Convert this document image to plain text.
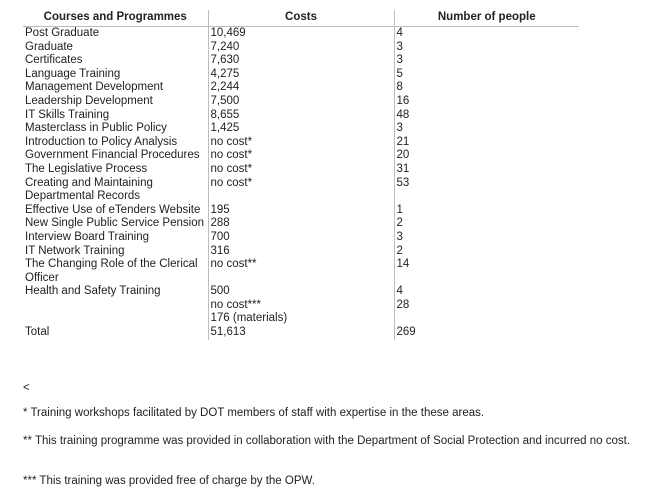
Courses and Programmes	Costs	Number of people
Post Graduate	10,469	4
Graduate	7,240	3
Certificates	7,630	3
Language Training	4,275	5
Management Development	2,244	8
Leadership Development	7,500	16
IT Skills Training	8,655	48
Masterclass in Public Policy	1,425	3
Introduction to Policy Analysis	no cost*	21
Government Financial Procedures	no cost*	20
The Legislative Process	no cost*	31
Creating and Maintaining Departmental Records	no cost*	53
Effective Use of eTenders Website	195	1
New Single Public Service Pension	288	2
Interview Board Training	700	3
IT Network Training	316	2
The Changing Role of the Clerical Officer	no cost**	14
Health and Safety Training	500	4
	no cost***	28
	176 (materials)	
Total	51,613	269
<
* Training workshops facilitated by DOT members of staff with expertise in the these areas.
** This training programme was provided in collaboration with the Department of Social Protection and incurred no cost.
*** This training was provided free of charge by the OPW.
